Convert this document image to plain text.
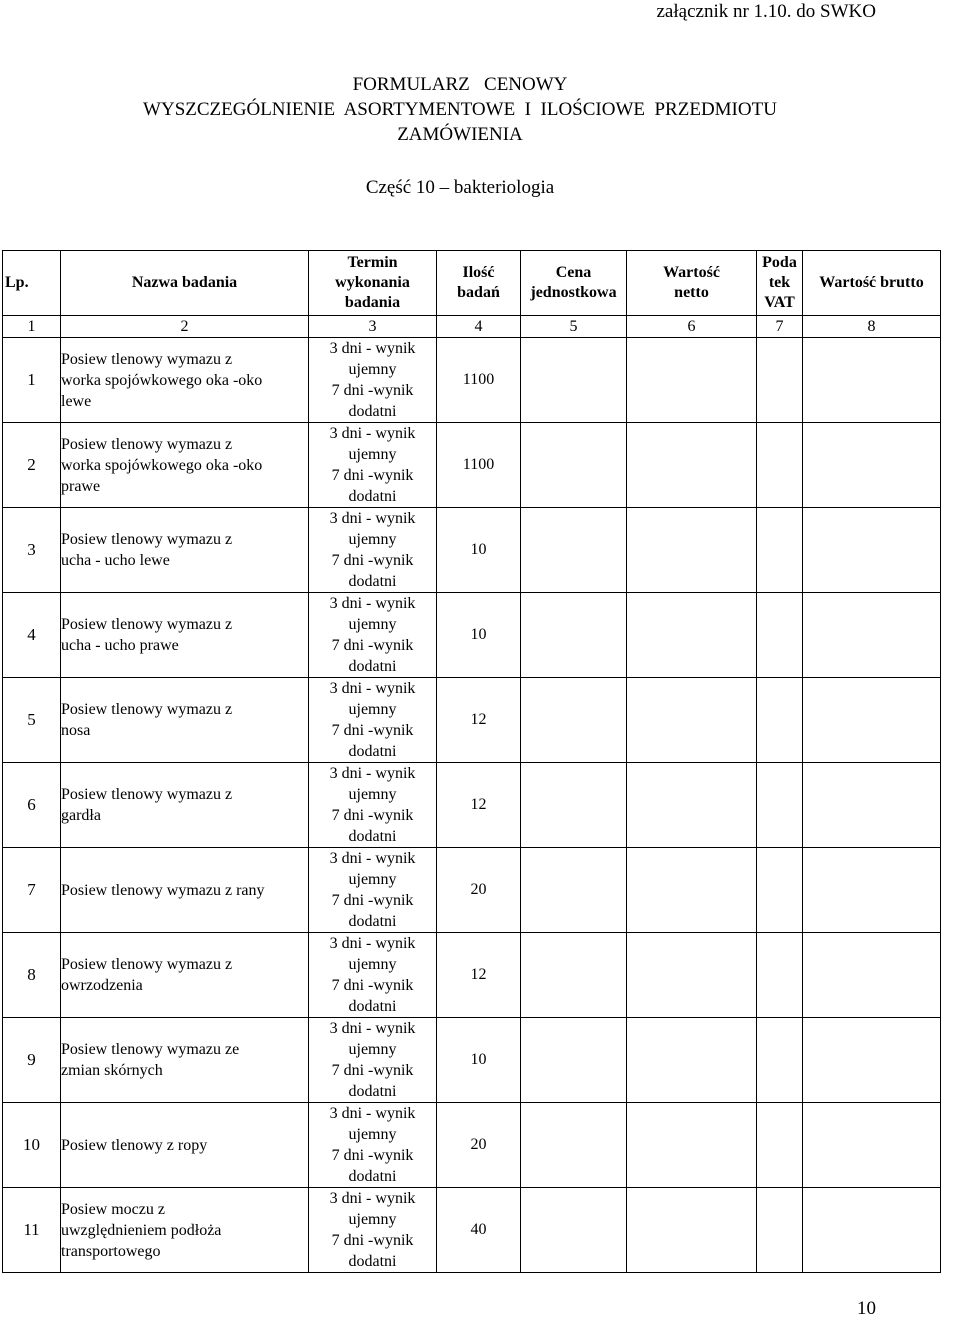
załącznik nr 1.10. do SWKO
FORMULARZ   CENOWY
WYSZCZEGÓLNIENIE  ASORTYMENTOWE  I  ILOŚCIOWE  PRZEDMIOTU
ZAMÓWIENIA
Część 10 – bakteriologia
Lp.	Nazwa badania	Termin
wykonania
badania	Ilość
badań	Cena
jednostkowa	Wartość
netto	Poda
tek
VAT	Wartość brutto
1	2	3	4	5	6	7	8
1	Posiew tlenowy wymazu z
worka spojówkowego oka -oko
lewe	3 dni - wynik
ujemny
7 dni -wynik
dodatni	1100				
2	Posiew tlenowy wymazu z
worka spojówkowego oka -oko
prawe	3 dni - wynik
ujemny
7 dni -wynik
dodatni	1100				
3	Posiew tlenowy wymazu z
ucha - ucho lewe	3 dni - wynik
ujemny
7 dni -wynik
dodatni	10				
4	Posiew tlenowy wymazu z
ucha - ucho prawe	3 dni - wynik
ujemny
7 dni -wynik
dodatni	10				
5	Posiew tlenowy wymazu z
nosa	3 dni - wynik
ujemny
7 dni -wynik
dodatni	12				
6	Posiew tlenowy wymazu z
gardła	3 dni - wynik
ujemny
7 dni -wynik
dodatni	12				
7	Posiew tlenowy wymazu z rany	3 dni - wynik
ujemny
7 dni -wynik
dodatni	20				
8	Posiew tlenowy wymazu z
owrzodzenia	3 dni - wynik
ujemny
7 dni -wynik
dodatni	12				
9	Posiew tlenowy wymazu ze
zmian skórnych	3 dni - wynik
ujemny
7 dni -wynik
dodatni	10				
10	Posiew tlenowy z ropy	3 dni - wynik
ujemny
7 dni -wynik
dodatni	20				
11	Posiew moczu z
uwzględnieniem podłoża
transportowego	3 dni - wynik
ujemny
7 dni -wynik
dodatni	40				
10
